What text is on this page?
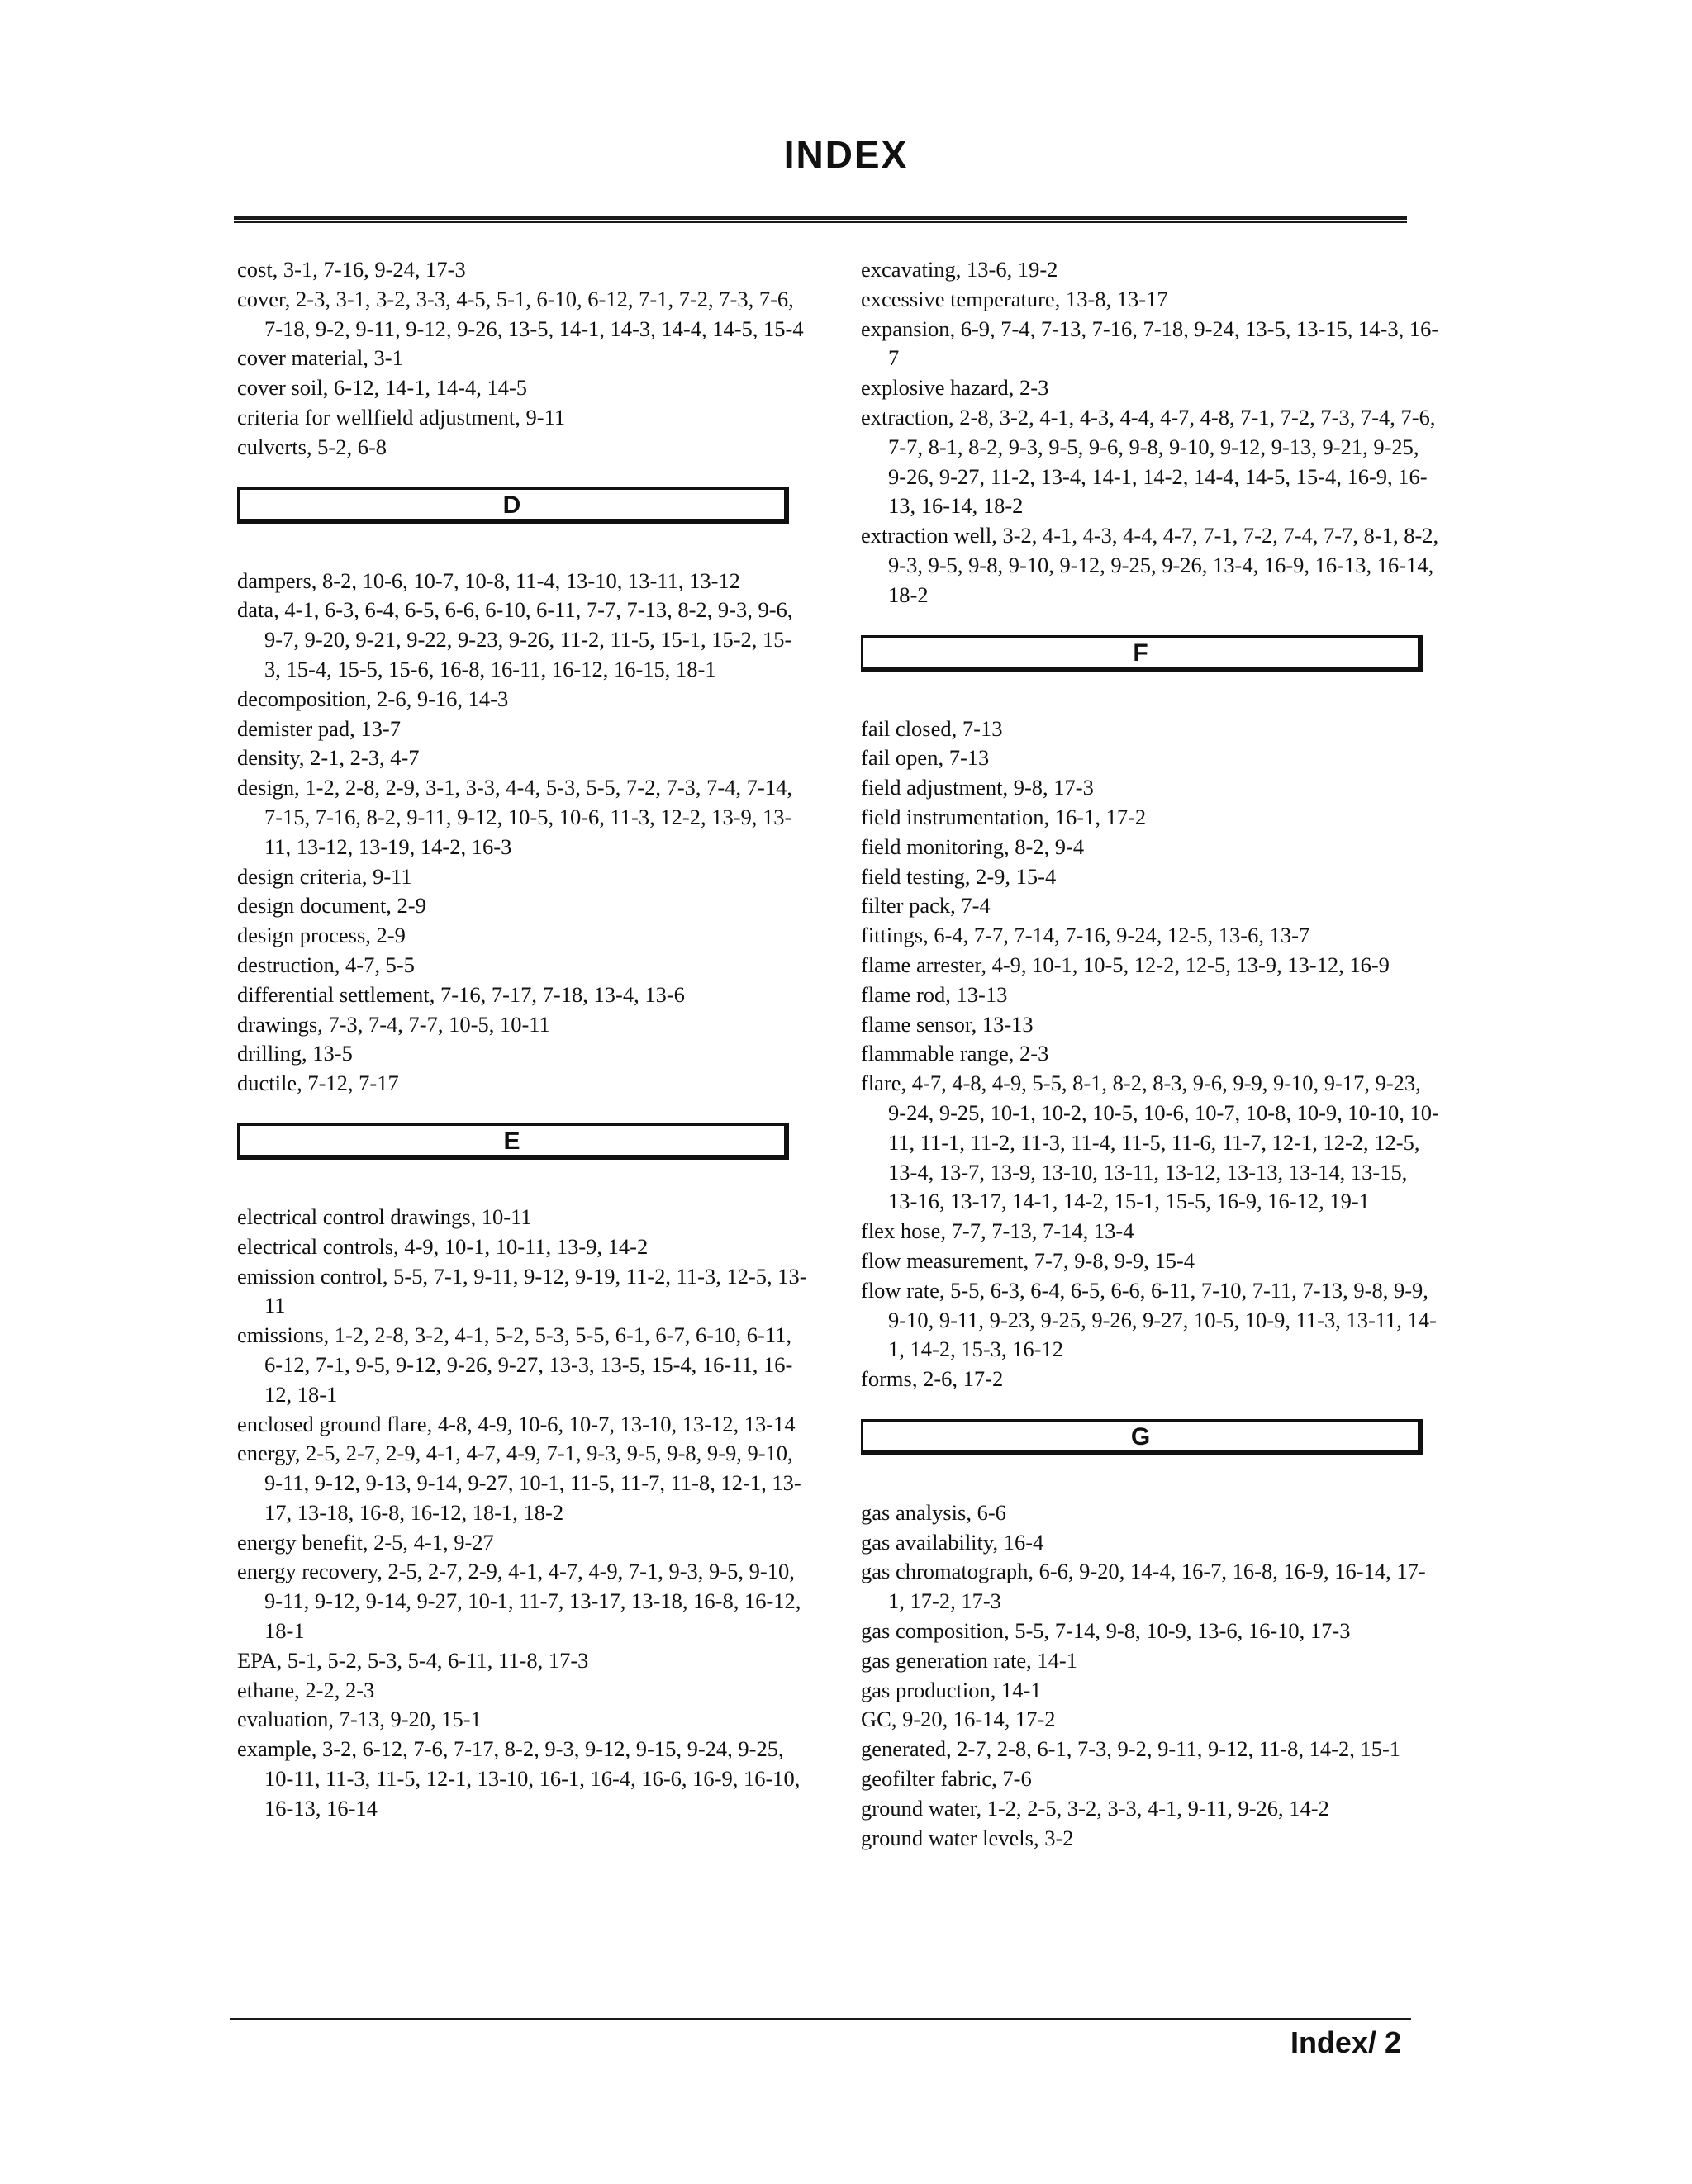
INDEX

cost, 3-1, 7-16, 9-24, 17-3

cover, 2-3, 3-1, 3-2, 3-3, 4-5, 5-1, 6-10, 6-12, 7-1, 7-2, 7-3, 7-6, 7-18, 9-2, 9-11, 9-12, 9-26, 13-5, 14-1, 14-3, 14-4, 14-5, 15-4

cover material, 3-1

cover soil, 6-12, 14-1, 14-4, 14-5

criteria for wellfield adjustment, 9-11

culverts, 5-2, 6-8

D

dampers, 8-2, 10-6, 10-7, 10-8, 11-4, 13-10, 13-11, 13-12

data, 4-1, 6-3, 6-4, 6-5, 6-6, 6-10, 6-11, 7-7, 7-13, 8-2, 9-3, 9-6, 9-7, 9-20, 9-21, 9-22, 9-23, 9-26, 11-2, 11-5, 15-1, 15-2, 15-3, 15-4, 15-5, 15-6, 16-8, 16-11, 16-12, 16-15, 18-1

decomposition, 2-6, 9-16, 14-3

demister pad, 13-7

density, 2-1, 2-3, 4-7

design, 1-2, 2-8, 2-9, 3-1, 3-3, 4-4, 5-3, 5-5, 7-2, 7-3, 7-4, 7-14, 7-15, 7-16, 8-2, 9-11, 9-12, 10-5, 10-6, 11-3, 12-2, 13-9, 13-11, 13-12, 13-19, 14-2, 16-3

design criteria, 9-11

design document, 2-9

design process, 2-9

destruction, 4-7, 5-5

differential settlement, 7-16, 7-17, 7-18, 13-4, 13-6

drawings, 7-3, 7-4, 7-7, 10-5, 10-11

drilling, 13-5

ductile, 7-12, 7-17

E

electrical control drawings, 10-11

electrical controls, 4-9, 10-1, 10-11, 13-9, 14-2

emission control, 5-5, 7-1, 9-11, 9-12, 9-19, 11-2, 11-3, 12-5, 13-11

emissions, 1-2, 2-8, 3-2, 4-1, 5-2, 5-3, 5-5, 6-1, 6-7, 6-10, 6-11, 6-12, 7-1, 9-5, 9-12, 9-26, 9-27, 13-3, 13-5, 15-4, 16-11, 16-12, 18-1

enclosed ground flare, 4-8, 4-9, 10-6, 10-7, 13-10, 13-12, 13-14

energy, 2-5, 2-7, 2-9, 4-1, 4-7, 4-9, 7-1, 9-3, 9-5, 9-8, 9-9, 9-10, 9-11, 9-12, 9-13, 9-14, 9-27, 10-1, 11-5, 11-7, 11-8, 12-1, 13-17, 13-18, 16-8, 16-12, 18-1, 18-2

energy benefit, 2-5, 4-1, 9-27

energy recovery, 2-5, 2-7, 2-9, 4-1, 4-7, 4-9, 7-1, 9-3, 9-5, 9-10, 9-11, 9-12, 9-14, 9-27, 10-1, 11-7, 13-17, 13-18, 16-8, 16-12, 18-1

EPA, 5-1, 5-2, 5-3, 5-4, 6-11, 11-8, 17-3

ethane, 2-2, 2-3

evaluation, 7-13, 9-20, 15-1

example, 3-2, 6-12, 7-6, 7-17, 8-2, 9-3, 9-12, 9-15, 9-24, 9-25, 10-11, 11-3, 11-5, 12-1, 13-10, 16-1, 16-4, 16-6, 16-9, 16-10, 16-13, 16-14

excavating, 13-6, 19-2

excessive temperature, 13-8, 13-17

expansion, 6-9, 7-4, 7-13, 7-16, 7-18, 9-24, 13-5, 13-15, 14-3, 16-7

explosive hazard, 2-3

extraction, 2-8, 3-2, 4-1, 4-3, 4-4, 4-7, 4-8, 7-1, 7-2, 7-3, 7-4, 7-6, 7-7, 8-1, 8-2, 9-3, 9-5, 9-6, 9-8, 9-10, 9-12, 9-13, 9-21, 9-25, 9-26, 9-27, 11-2, 13-4, 14-1, 14-2, 14-4, 14-5, 15-4, 16-9, 16-13, 16-14, 18-2

extraction well, 3-2, 4-1, 4-3, 4-4, 4-7, 7-1, 7-2, 7-4, 7-7, 8-1, 8-2, 9-3, 9-5, 9-8, 9-10, 9-12, 9-25, 9-26, 13-4, 16-9, 16-13, 16-14, 18-2

F

fail closed, 7-13

fail open, 7-13

field adjustment, 9-8, 17-3

field instrumentation, 16-1, 17-2

field monitoring, 8-2, 9-4

field testing, 2-9, 15-4

filter pack, 7-4

fittings, 6-4, 7-7, 7-14, 7-16, 9-24, 12-5, 13-6, 13-7

flame arrester, 4-9, 10-1, 10-5, 12-2, 12-5, 13-9, 13-12, 16-9

flame rod, 13-13

flame sensor, 13-13

flammable range, 2-3

flare, 4-7, 4-8, 4-9, 5-5, 8-1, 8-2, 8-3, 9-6, 9-9, 9-10, 9-17, 9-23, 9-24, 9-25, 10-1, 10-2, 10-5, 10-6, 10-7, 10-8, 10-9, 10-10, 10-11, 11-1, 11-2, 11-3, 11-4, 11-5, 11-6, 11-7, 12-1, 12-2, 12-5, 13-4, 13-7, 13-9, 13-10, 13-11, 13-12, 13-13, 13-14, 13-15, 13-16, 13-17, 14-1, 14-2, 15-1, 15-5, 16-9, 16-12, 19-1

flex hose, 7-7, 7-13, 7-14, 13-4

flow measurement, 7-7, 9-8, 9-9, 15-4

flow rate, 5-5, 6-3, 6-4, 6-5, 6-6, 6-11, 7-10, 7-11, 7-13, 9-8, 9-9, 9-10, 9-11, 9-23, 9-25, 9-26, 9-27, 10-5, 10-9, 11-3, 13-11, 14-1, 14-2, 15-3, 16-12

forms, 2-6, 17-2

G

gas analysis, 6-6

gas availability, 16-4

gas chromatograph, 6-6, 9-20, 14-4, 16-7, 16-8, 16-9, 16-14, 17-1, 17-2, 17-3

gas composition, 5-5, 7-14, 9-8, 10-9, 13-6, 16-10, 17-3

gas generation rate, 14-1

gas production, 14-1

GC, 9-20, 16-14, 17-2

generated, 2-7, 2-8, 6-1, 7-3, 9-2, 9-11, 9-12, 11-8, 14-2, 15-1

geofilter fabric, 7-6

ground water, 1-2, 2-5, 3-2, 3-3, 4-1, 9-11, 9-26, 14-2

ground water levels, 3-2

Index/ 2
